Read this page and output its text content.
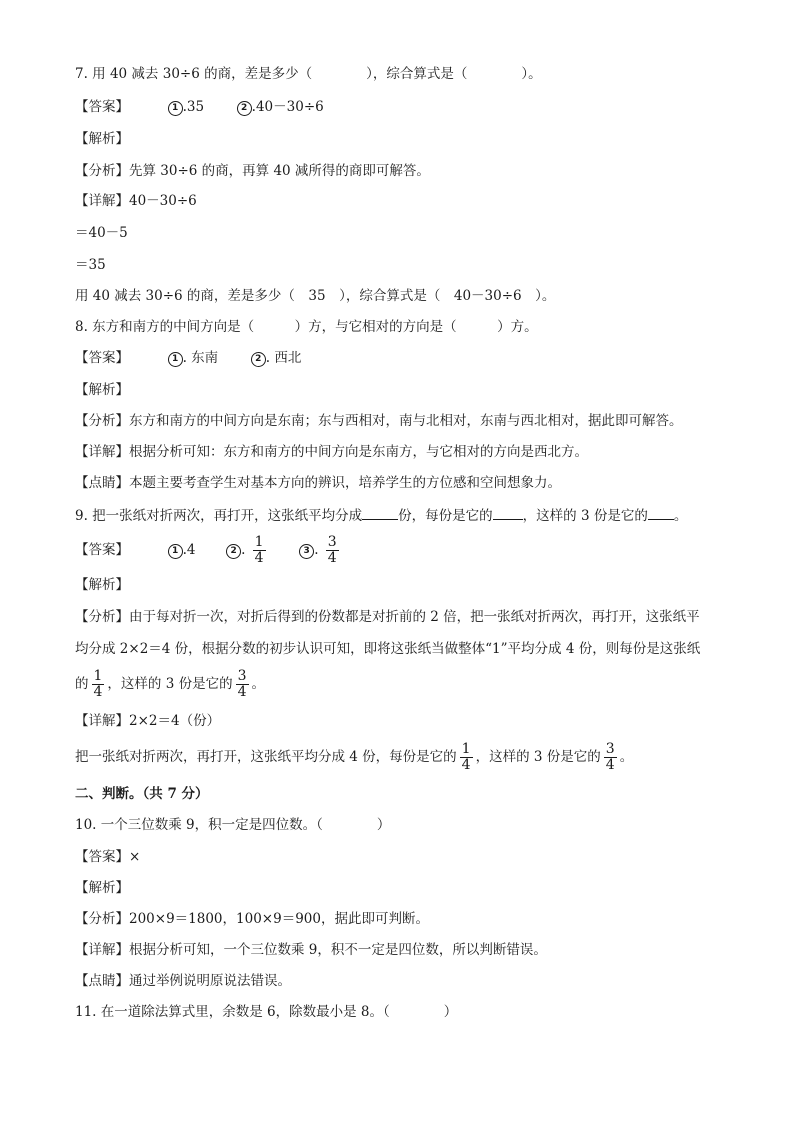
7. 用 40 减去 30÷6 的商，差是多少（　　　　），综合算式是（　　　　）。
【答案】	1 .35	2 .40－30÷6
【解析】
【分析】先算 30÷6 的商，再算 40 减所得的商即可解答。
【详解】40－30÷6
＝40－5
＝35
用 40 减去 30÷6 的商，差是多少（　35　），综合算式是（　40－30÷6　）。
8. 东方和南方的中间方向是（　　　）方，与它相对的方向是（　　　）方。
【答案】	1 . 东南	2 . 西北
【解析】
【分析】东方和南方的中间方向是东南；东与西相对，南与北相对，东南与西北相对，据此即可解答。
【详解】根据分析可知：东方和南方的中间方向是东南方，与它相对的方向是西北方。
【点睛】本题主要考查学生对基本方向的辨识，培养学生的方位感和空间想象力。
9. 把一张纸对折两次，再打开，这张纸平均分成	份，每份是它的 ，这样的 3 份是它的 。
【答案】	1 .4	2 . $\frac{1}{4}$	3 . $\frac{3}{4}$
【解析】
【分析】由于每对折一次，对折后得到的份数都是对折前的 2 倍，把一张纸对折两次，再打开，这张纸平
均分成 2×2＝4 份，根据分数的初步认识可知，即将这张纸当做整体“1”平均分成 4 份，则每份是这张纸
的 $\frac{1}{4}$ ，这样的 3 份是它的 $\frac{3}{4}$ 。
【详解】2×2＝4（份）
把一张纸对折两次，再打开，这张纸平均分成 4 份，每份是它的 $\frac{1}{4}$ ，这样的 3 份是它的 $\frac{3}{4}$ 。
二、判断。（共 7 分）
10. 一个三位数乘 9，积一定是四位数。（　　　　）
【答案】×
【解析】
【分析】200×9＝1800，100×9＝900，据此即可判断。
【详解】根据分析可知，一个三位数乘 9，积不一定是四位数，所以判断错误。
【点睛】通过举例说明原说法错误。
11. 在一道除法算式里，余数是 6，除数最小是 8。（　　　　）
